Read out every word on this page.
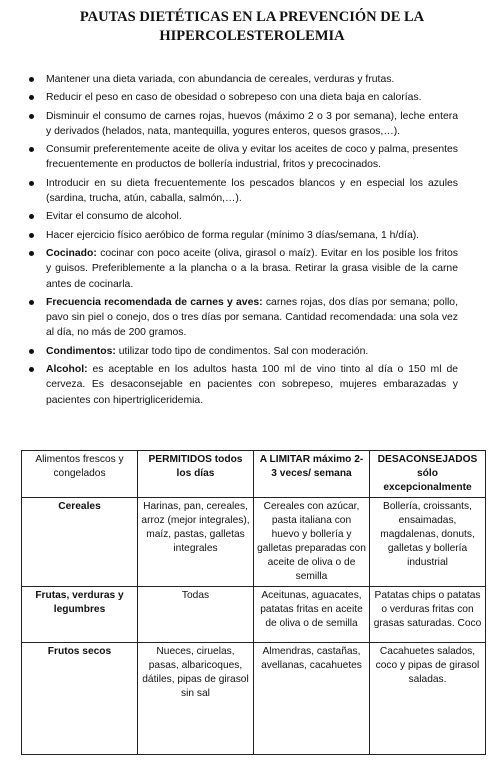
PAUTAS DIETÉTICAS EN LA PREVENCIÓN DE LA
HIPERCOLESTEROLEMIA
Mantener una dieta variada, con abundancia de cereales, verduras y frutas.
Reducir el peso en caso de obesidad o sobrepeso con una dieta baja en calorías.
Disminuir el consumo de carnes rojas, huevos (máximo 2 o 3 por semana), leche entera y derivados (helados, nata, mantequilla, yogures enteros, quesos grasos,…).
Consumir preferentemente aceite de oliva y evitar los aceites de coco y palma, presentes frecuentemente en productos de bollería industrial, fritos y precocinados.
Introducir en su dieta frecuentemente los pescados blancos y en especial los azules (sardina, trucha, atún, caballa, salmón,…).
Evitar el consumo de alcohol.
Hacer ejercicio físico aeróbico de forma regular (mínimo 3 días/semana, 1 h/día).
Cocinado: cocinar con poco aceite (oliva, girasol o maíz). Evitar en los posible los fritos y guisos. Preferiblemente a la plancha o a la brasa. Retirar la grasa visible de la carne antes de cocinarla.
Frecuencia recomendada de carnes y aves: carnes rojas, dos días por semana; pollo, pavo sin piel o conejo, dos o tres días por semana. Cantidad recomendada: una sola vez al día, no más de 200 gramos.
Condimentos: utilizar todo tipo de condimentos. Sal con moderación.
Alcohol: es aceptable en los adultos hasta 100 ml de vino tinto al día o 150 ml de cerveza. Es desaconsejable en pacientes con sobrepeso, mujeres embarazadas y pacientes con hipertrigliceridemia.
Alimentos frescos y congelados	PERMITIDOS todos los días	A LIMITAR máximo 2-3 veces/ semana	DESACONSEJADOS sólo excepcionalmente
Cereales	Harinas, pan, cereales, arroz (mejor integrales), maíz, pastas, galletas integrales	Cereales con azúcar, pasta italiana con huevo y bollería y galletas preparadas con aceite de oliva o de semilla	Bollería, croissants, ensaimadas, magdalenas, donuts, galletas y bollería industrial
Frutas, verduras y legumbres	Todas	Aceitunas, aguacates, patatas fritas en aceite de oliva o de semilla	Patatas chips o patatas o verduras fritas con grasas saturadas. Coco
Frutos secos	Nueces, ciruelas, pasas, albaricoques, dátiles, pipas de girasol sin sal	Almendras, castañas, avellanas, cacahuetes	Cacahuetes salados, coco y pipas de girasol saladas.
